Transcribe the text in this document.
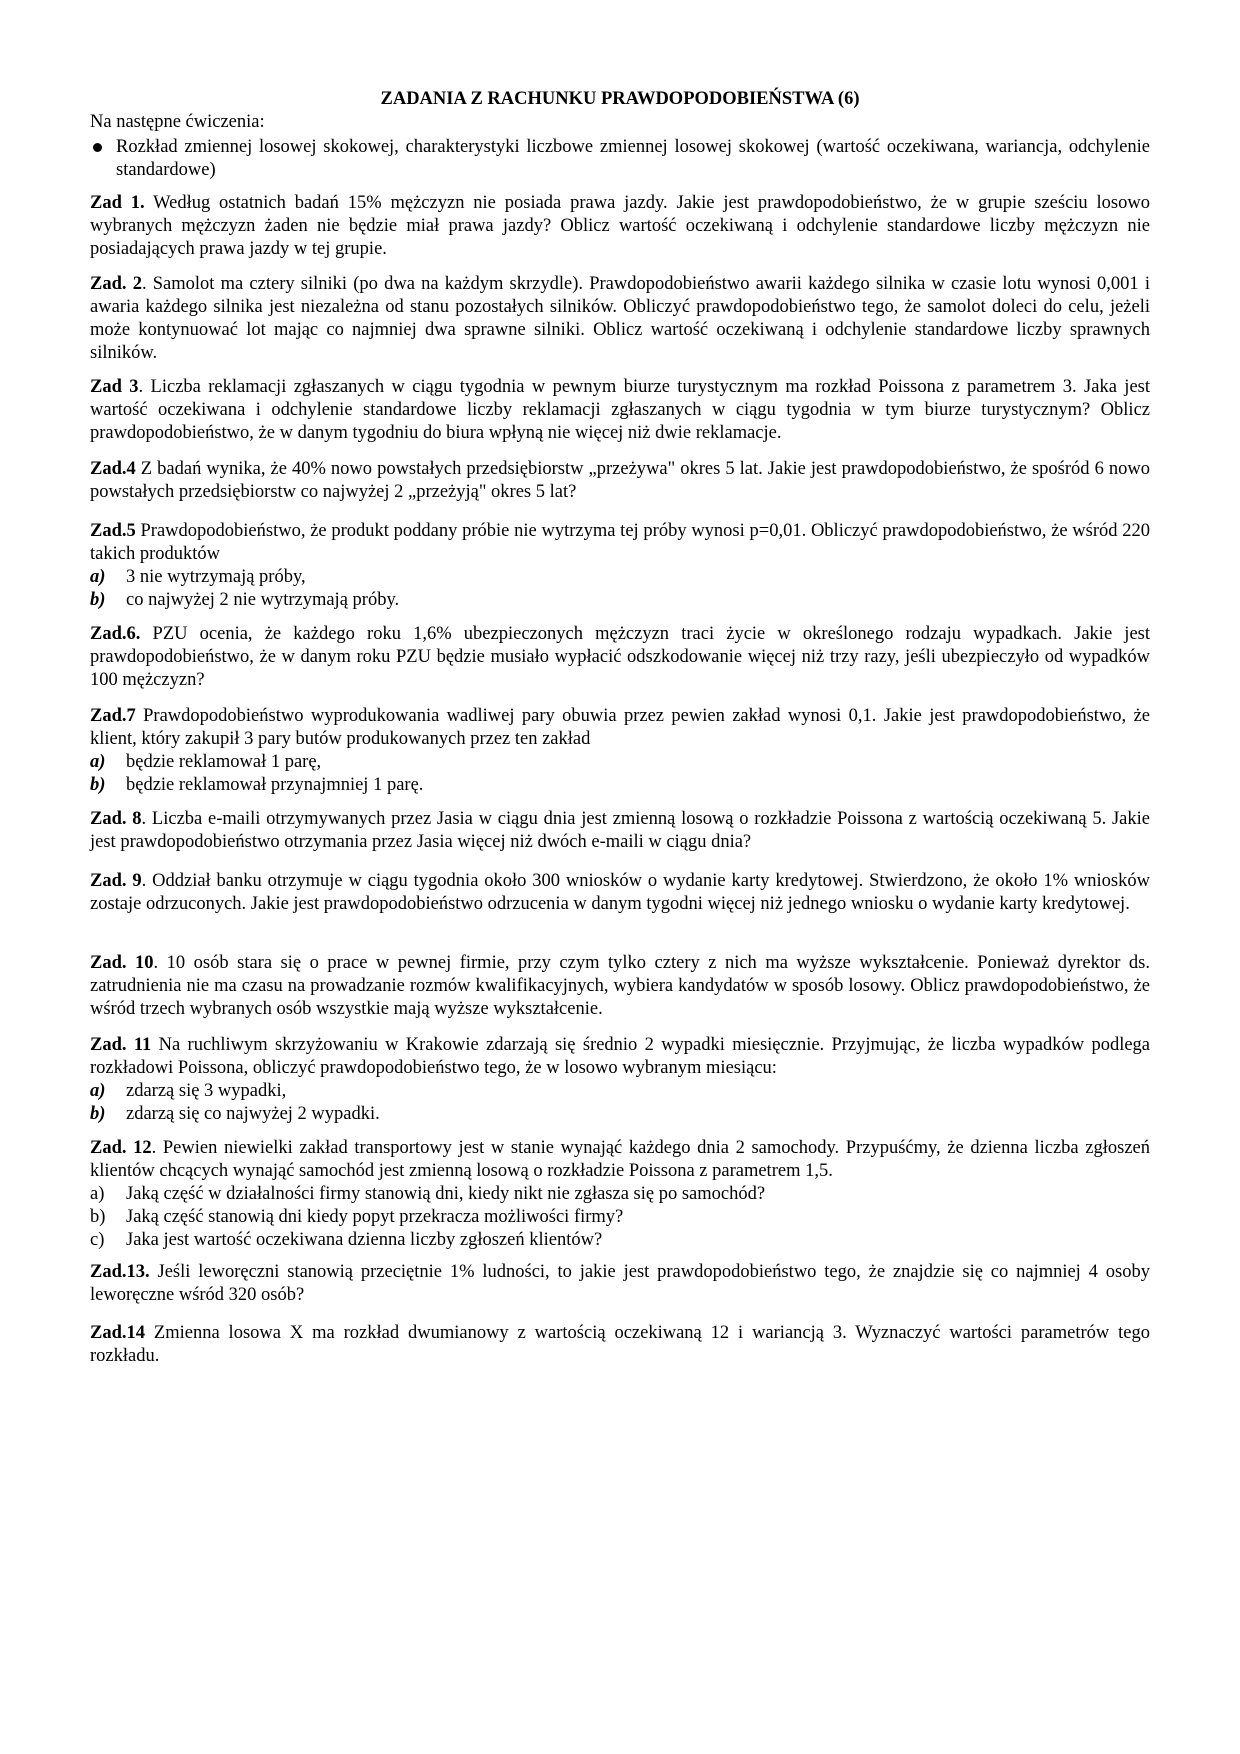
ZADANIA Z RACHUNKU PRAWDOPODOBIEŃSTWA (6)
Na następne ćwiczenia:
Rozkład zmiennej losowej skokowej, charakterystyki liczbowe zmiennej losowej skokowej (wartość oczekiwana, wariancja, odchylenie standardowe)

Zad 1. Według ostatnich badań 15% mężczyzn nie posiada prawa jazdy. Jakie jest prawdopodobieństwo, że w grupie sześciu losowo wybranych mężczyzn żaden nie będzie miał prawa jazdy? Oblicz wartość oczekiwaną i odchylenie standardowe liczby mężczyzn nie posiadających prawa jazdy w tej grupie.

Zad. 2. Samolot ma cztery silniki (po dwa na każdym skrzydle). Prawdopodobieństwo awarii każdego silnika w czasie lotu wynosi 0,001 i awaria każdego silnika jest niezależna od stanu pozostałych silników. Obliczyć prawdopodobieństwo tego, że samolot doleci do celu, jeżeli może kontynuować lot mając co najmniej dwa sprawne silniki. Oblicz wartość oczekiwaną i odchylenie standardowe liczby sprawnych silników.

Zad 3. Liczba reklamacji zgłaszanych w ciągu tygodnia w pewnym biurze turystycznym ma rozkład Poissona z parametrem 3. Jaka jest wartość oczekiwana i odchylenie standardowe liczby reklamacji zgłaszanych w ciągu tygodnia w tym biurze turystycznym? Oblicz prawdopodobieństwo, że w danym tygodniu do biura wpłyną nie więcej niż dwie reklamacje.

Zad.4 Z badań wynika, że 40% nowo powstałych przedsiębiorstw „przeżywa" okres 5 lat. Jakie jest prawdopodobieństwo, że spośród 6 nowo powstałych przedsiębiorstw co najwyżej 2 „przeżyją" okres 5 lat?

Zad.5 Prawdopodobieństwo, że produkt poddany próbie nie wytrzyma tej próby wynosi p=0,01. Obliczyć prawdopodobieństwo, że wśród 220 takich produktów

a) 3 nie wytrzymają próby,
b) co najwyżej 2 nie wytrzymają próby.

Zad.6. PZU ocenia, że każdego roku 1,6% ubezpieczonych mężczyzn traci życie w określonego rodzaju wypadkach. Jakie jest prawdopodobieństwo, że w danym roku PZU będzie musiało wypłacić odszkodowanie więcej niż trzy razy, jeśli ubezpieczyło od wypadków 100 mężczyzn?

Zad.7 Prawdopodobieństwo wyprodukowania wadliwej pary obuwia przez pewien zakład wynosi 0,1. Jakie jest prawdopodobieństwo, że klient, który zakupił 3 pary butów produkowanych przez ten zakład

a) będzie reklamował 1 parę,
b) będzie reklamował przynajmniej 1 parę.

Zad. 8. Liczba e-maili otrzymywanych przez Jasia w ciągu dnia jest zmienną losową o rozkładzie Poissona z wartością oczekiwaną 5. Jakie jest prawdopodobieństwo otrzymania przez Jasia więcej niż dwóch e-maili w ciągu dnia?

Zad. 9. Oddział banku otrzymuje w ciągu tygodnia około 300 wniosków o wydanie karty kredytowej. Stwierdzono, że około 1% wniosków zostaje odrzuconych. Jakie jest prawdopodobieństwo odrzucenia w danym tygodni więcej niż jednego wniosku o wydanie karty kredytowej.

Zad. 10. 10 osób stara się o prace w pewnej firmie, przy czym tylko cztery z nich ma wyższe wykształcenie. Ponieważ dyrektor ds. zatrudnienia nie ma czasu na prowadzanie rozmów kwalifikacyjnych, wybiera kandydatów w sposób losowy. Oblicz prawdopodobieństwo, że wśród trzech wybranych osób wszystkie mają wyższe wykształcenie.

Zad. 11 Na ruchliwym skrzyżowaniu w Krakowie zdarzają się średnio 2 wypadki miesięcznie. Przyjmując, że liczba wypadków podlega rozkładowi Poissona, obliczyć prawdopodobieństwo tego, że w losowo wybranym miesiącu:

a) zdarzą się 3 wypadki,
b) zdarzą się co najwyżej 2 wypadki.

Zad. 12. Pewien niewielki zakład transportowy jest w stanie wynająć każdego dnia 2 samochody. Przypuśćmy, że dzienna liczba zgłoszeń klientów chcących wynająć samochód jest zmienną losową o rozkładzie Poissona z parametrem 1,5.

a) Jaką część w działalności firmy stanowią dni, kiedy nikt nie zgłasza się po samochód?
b) Jaką część stanowią dni kiedy popyt przekracza możliwości firmy?
c) Jaka jest wartość oczekiwana dzienna liczby zgłoszeń klientów?

Zad.13. Jeśli leworęczni stanowią przeciętnie 1% ludności, to jakie jest prawdopodobieństwo tego, że znajdzie się co najmniej 4 osoby leworęczne wśród 320 osób?

Zad.14 Zmienna losowa X ma rozkład dwumianowy z wartością oczekiwaną 12 i wariancją 3. Wyznaczyć wartości parametrów tego rozkładu.
